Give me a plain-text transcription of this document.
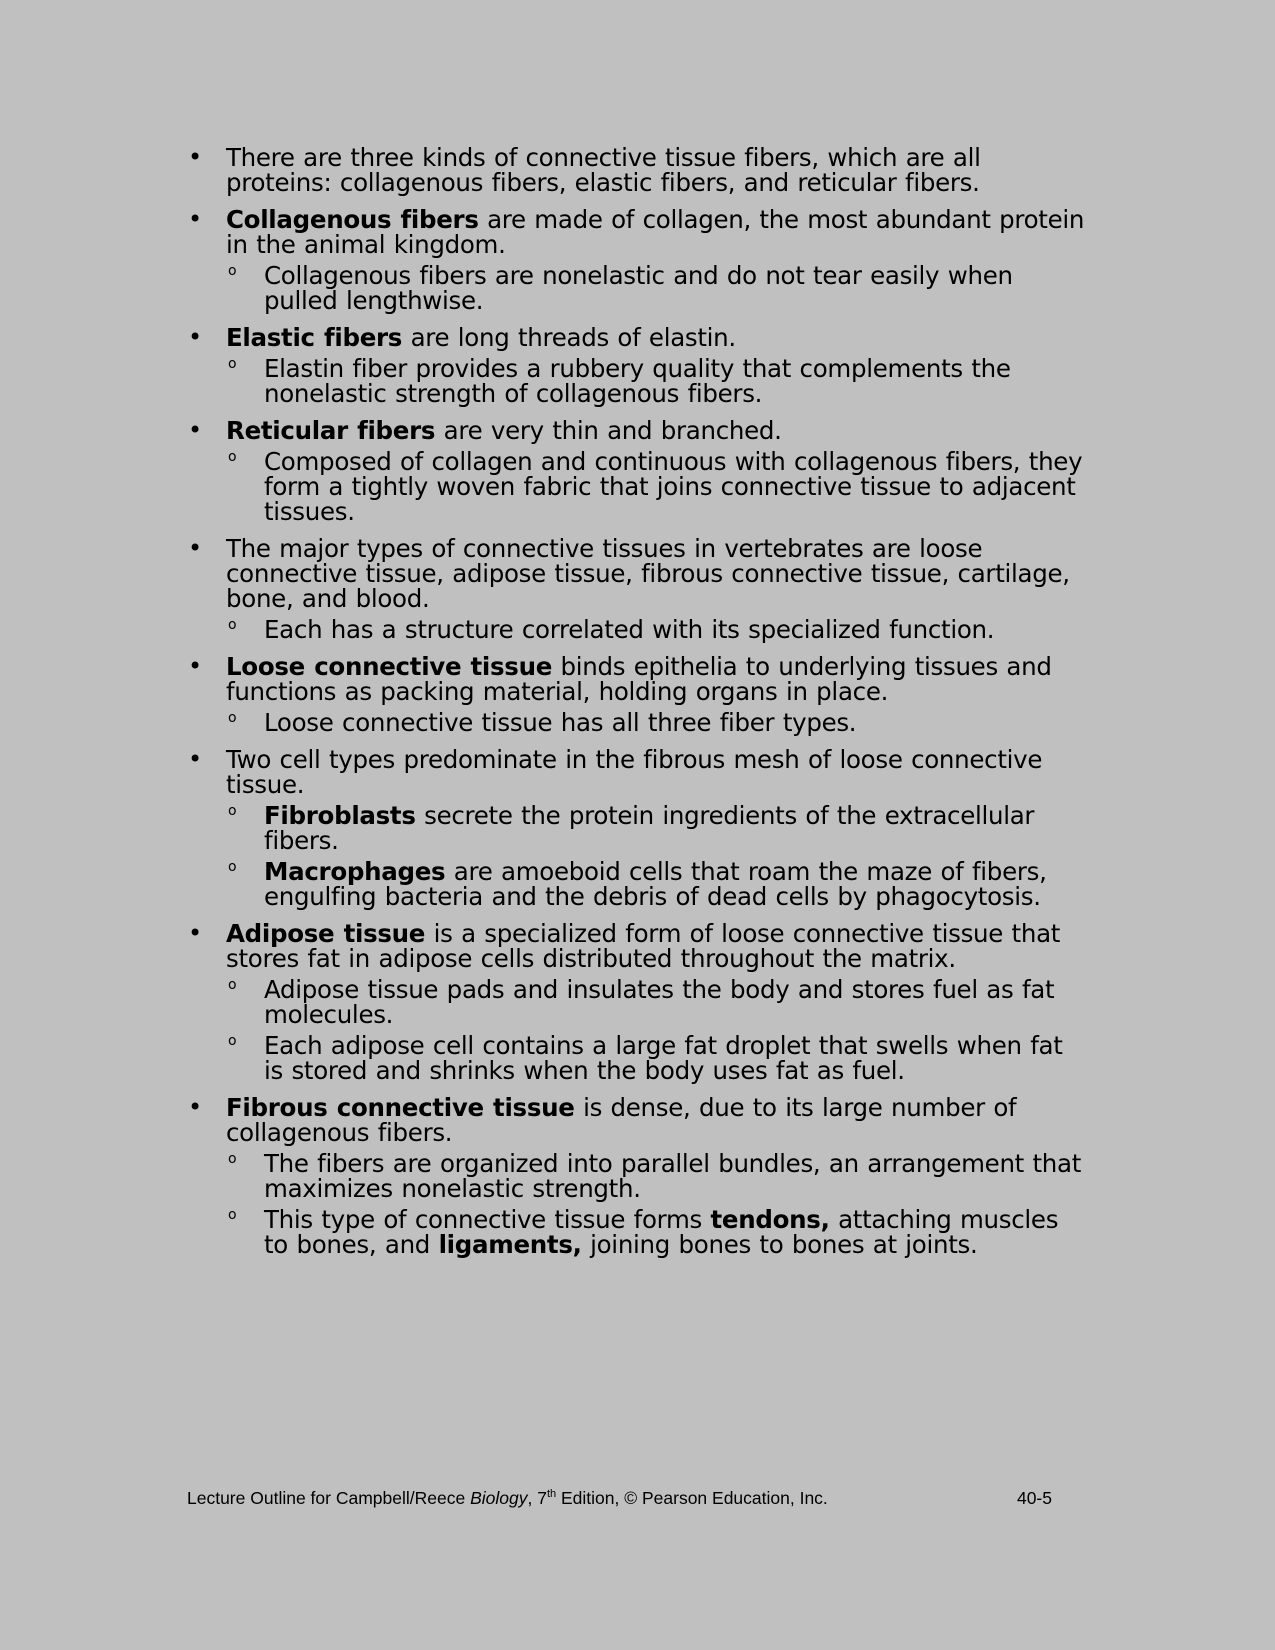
• There are three kinds of connective tissue fibers, which are all proteins: collagenous fibers, elastic fibers, and reticular fibers.
• Collagenous fibers are made of collagen, the most abundant protein in the animal kingdom.
o Collagenous fibers are nonelastic and do not tear easily when pulled lengthwise.
• Elastic fibers are long threads of elastin.
o Elastin fiber provides a rubbery quality that complements the nonelastic strength of collagenous fibers.
• Reticular fibers are very thin and branched.
o Composed of collagen and continuous with collagenous fibers, they form a tightly woven fabric that joins connective tissue to adjacent tissues.
• The major types of connective tissues in vertebrates are loose connective tissue, adipose tissue, fibrous connective tissue, cartilage, bone, and blood.
o Each has a structure correlated with its specialized function.
• Loose connective tissue binds epithelia to underlying tissues and functions as packing material, holding organs in place.
o Loose connective tissue has all three fiber types.
• Two cell types predominate in the fibrous mesh of loose connective tissue.
o Fibroblasts secrete the protein ingredients of the extracellular fibers.
o Macrophages are amoeboid cells that roam the maze of fibers, engulfing bacteria and the debris of dead cells by phagocytosis.
• Adipose tissue is a specialized form of loose connective tissue that stores fat in adipose cells distributed throughout the matrix.
o Adipose tissue pads and insulates the body and stores fuel as fat molecules.
o Each adipose cell contains a large fat droplet that swells when fat is stored and shrinks when the body uses fat as fuel.
• Fibrous connective tissue is dense, due to its large number of collagenous fibers.
o The fibers are organized into parallel bundles, an arrangement that maximizes nonelastic strength.
o This type of connective tissue forms tendons, attaching muscles to bones, and ligaments, joining bones to bones at joints.
Lecture Outline for Campbell/Reece Biology, 7th Edition, © Pearson Education, Inc.	40-5
